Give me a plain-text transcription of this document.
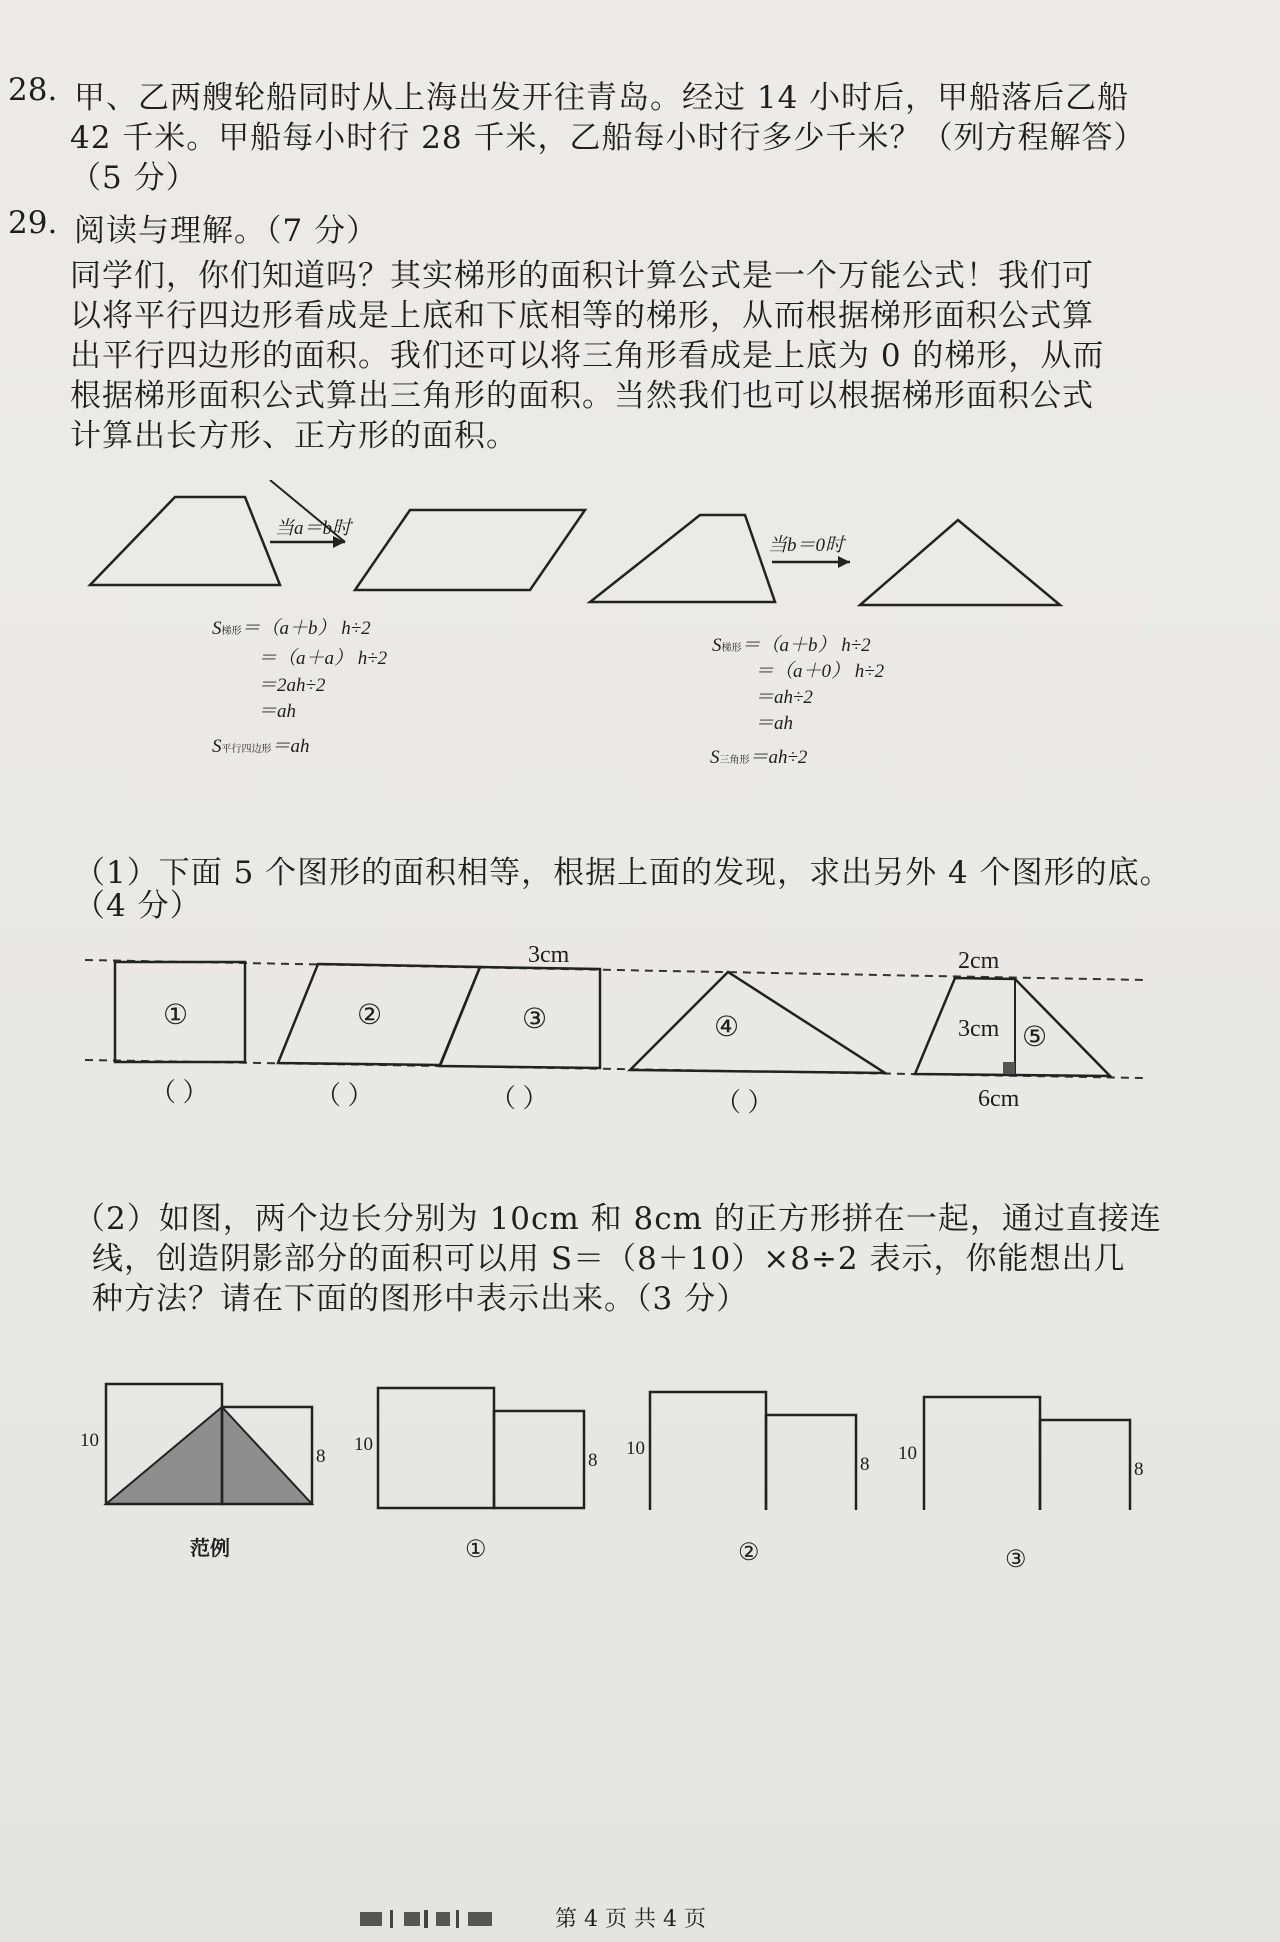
28. 甲、乙两艘轮船同时从上海出发开往青岛。经过 14 小时后，甲船落后乙船
42 千米。甲船每小时行 28 千米，乙船每小时行多少千米？（列方程解答）
（5 分）
29. 阅读与理解。（7 分）
同学们，你们知道吗？其实梯形的面积计算公式是一个万能公式！我们可
以将平行四边形看成是上底和下底相等的梯形，从而根据梯形面积公式算
出平行四边形的面积。我们还可以将三角形看成是上底为 0 的梯形，从而
根据梯形面积公式算出三角形的面积。当然我们也可以根据梯形面积公式
计算出长方形、正方形的面积。
当a＝b时
当b＝0时
S梯形＝（a＋b） h÷2
＝（a＋a） h÷2
＝2ah÷2
＝ah
S平行四边形＝ah
S梯形＝（a＋b） h÷2
＝（a＋0） h÷2
＝ah÷2
＝ah
S三角形＝ah÷2
（1）下面 5 个图形的面积相等，根据上面的发现，求出另外 4 个图形的底。
（4 分）
①	②	③	④	⑤
3cm	2cm
3cm
6cm
（ ）	（ ）	（ ）	（ ）
（2）如图，两个边长分别为 10cm 和 8cm 的正方形拼在一起，通过直接连
线，创造阴影部分的面积可以用 S＝（8＋10）×8÷2 表示，你能想出几
种方法？请在下面的图形中表示出来。（3 分）
10
8
10
8
10
8
10
8
范例	①	②	③
第 4 页 共 4 页
